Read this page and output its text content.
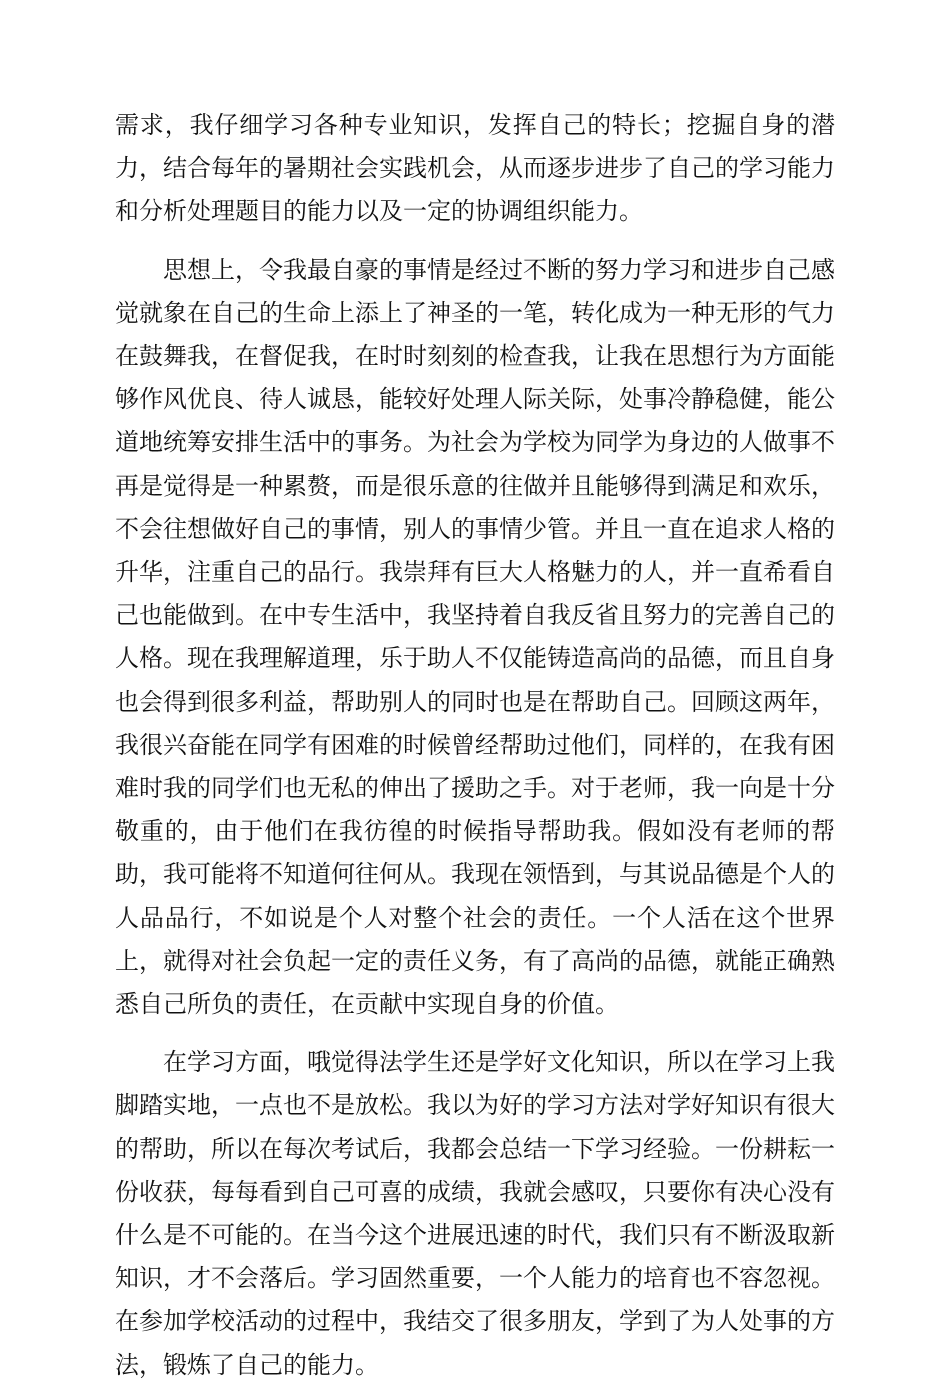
需求，我仔细学习各种专业知识，发挥自己的特长；挖掘自身的潜力，结合每年的暑期社会实践机会，从而逐步进步了自己的学习能力和分析处理题目的能力以及一定的协调组织能力。

思想上，令我最自豪的事情是经过不断的努力学习和进步自己感觉就象在自己的生命上添上了神圣的一笔，转化成为一种无形的气力在鼓舞我，在督促我，在时时刻刻的检查我，让我在思想行为方面能够作风优良、待人诚恳，能较好处理人际关际，处事冷静稳健，能公道地统筹安排生活中的事务。为社会为学校为同学为身边的人做事不再是觉得是一种累赘，而是很乐意的往做并且能够得到满足和欢乐，不会往想做好自己的事情，别人的事情少管。并且一直在追求人格的升华，注重自己的品行。我崇拜有巨大人格魅力的人，并一直希看自己也能做到。在中专生活中，我坚持着自我反省且努力的完善自己的人格。现在我理解道理，乐于助人不仅能铸造高尚的品德，而且自身也会得到很多利益，帮助别人的同时也是在帮助自己。回顾这两年，我很兴奋能在同学有困难的时候曾经帮助过他们，同样的，在我有困难时我的同学们也无私的伸出了援助之手。对于老师，我一向是十分敬重的，由于他们在我彷徨的时候指导帮助我。假如没有老师的帮助，我可能将不知道何往何从。我现在领悟到，与其说品德是个人的人品品行，不如说是个人对整个社会的责任。一个人活在这个世界上，就得对社会负起一定的责任义务，有了高尚的品德，就能正确熟悉自己所负的责任，在贡献中实现自身的价值。

在学习方面，哦觉得法学生还是学好文化知识，所以在学习上我脚踏实地，一点也不是放松。我以为好的学习方法对学好知识有很大的帮助，所以在每次考试后，我都会总结一下学习经验。一份耕耘一份收获，每每看到自己可喜的成绩，我就会感叹，只要你有决心没有什么是不可能的。在当今这个进展迅速的时代，我们只有不断汲取新知识，才不会落后。学习固然重要，一个人能力的培育也不容忽视。在参加学校活动的过程中，我结交了很多朋友，学到了为人处事的方法，锻炼了自己的能力。
